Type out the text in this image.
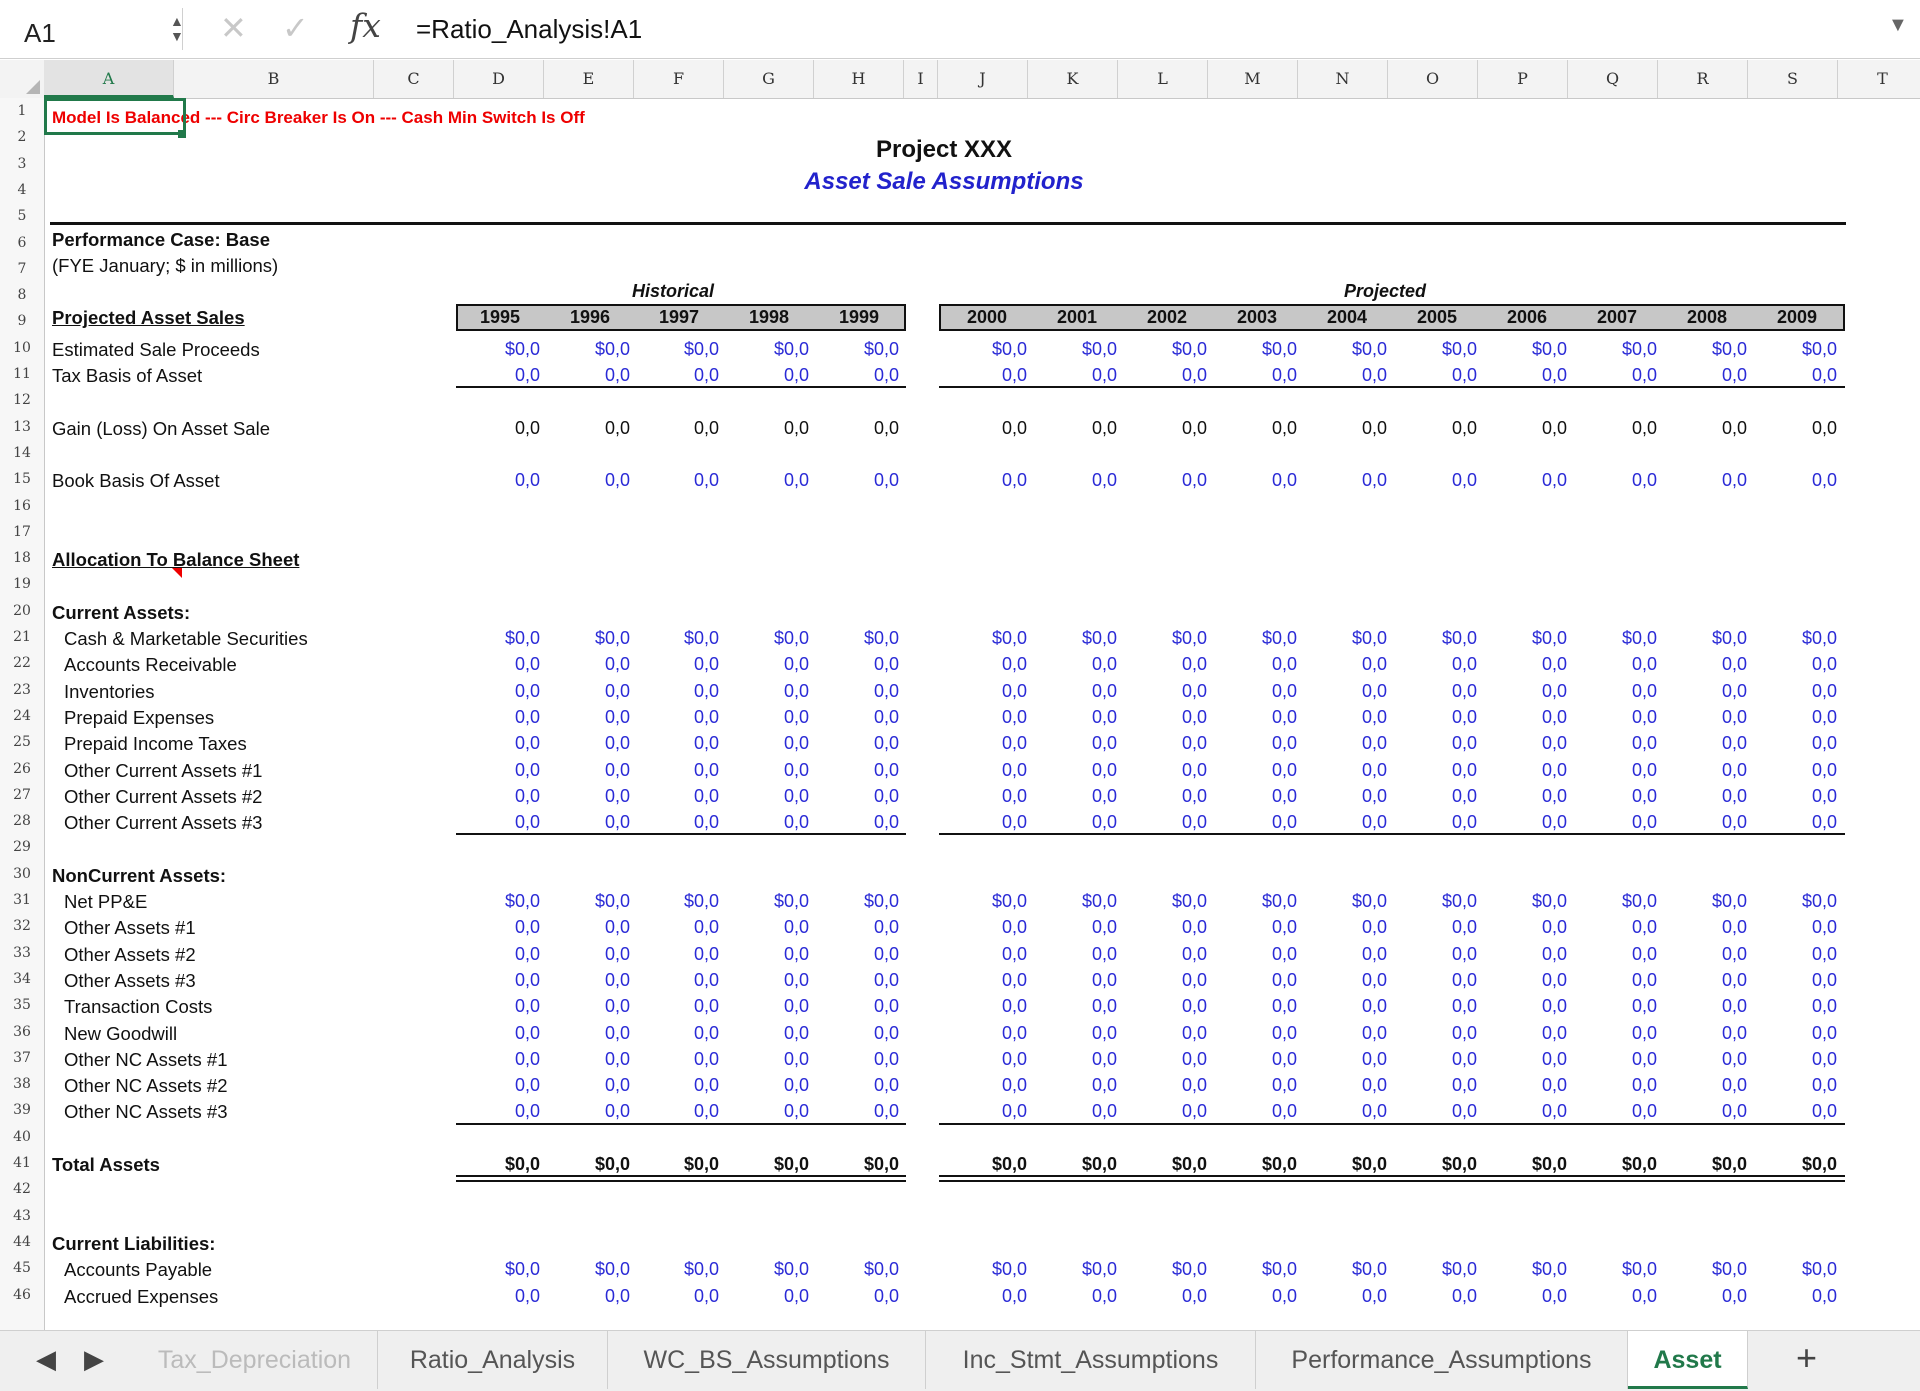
A1	▲
▼ ✕ ✓ fx =Ratio_Analysis!A1	▼
A	B	C	D	E	F	G	H	I	J	K	L	M	N	O	P	Q	R	S	T
1
2
3
4
5
6
7
8
9
10
11
12
13
14
15
16
17
18
19
20
21
22
23
24
25
26
27
28
29
30
31
32
33
34
35
36
37
38
39
40
41
42
43
44
45
46
Model Is Balanced --- Circ Breaker Is On --- Cash Min Switch Is Off
Project XXX
Asset Sale Assumptions
Performance Case: Base
(FYE January; $ in millions)
Historical	Projected
Projected Asset Sales	1995	1996	1997	1998	1999	2000	2001	2002	2003	2004	2005	2006	2007	2008	2009
Estimated Sale Proceeds	$0,0	$0,0	$0,0	$0,0	$0,0	$0,0	$0,0	$0,0	$0,0	$0,0	$0,0	$0,0	$0,0	$0,0	$0,0
Tax Basis of Asset	0,0	0,0	0,0	0,0	0,0	0,0	0,0	0,0	0,0	0,0	0,0	0,0	0,0	0,0	0,0
Gain (Loss) On Asset Sale	0,0	0,0	0,0	0,0	0,0	0,0	0,0	0,0	0,0	0,0	0,0	0,0	0,0	0,0	0,0
Book Basis Of Asset	0,0	0,0	0,0	0,0	0,0	0,0	0,0	0,0	0,0	0,0	0,0	0,0	0,0	0,0	0,0
Allocation To Balance Sheet
Current Assets:
Cash & Marketable Securities	$0,0	$0,0	$0,0	$0,0	$0,0	$0,0	$0,0	$0,0	$0,0	$0,0	$0,0	$0,0	$0,0	$0,0	$0,0
Accounts Receivable	0,0	0,0	0,0	0,0	0,0	0,0	0,0	0,0	0,0	0,0	0,0	0,0	0,0	0,0	0,0
Inventories	0,0	0,0	0,0	0,0	0,0	0,0	0,0	0,0	0,0	0,0	0,0	0,0	0,0	0,0	0,0
Prepaid Expenses	0,0	0,0	0,0	0,0	0,0	0,0	0,0	0,0	0,0	0,0	0,0	0,0	0,0	0,0	0,0
Prepaid Income Taxes	0,0	0,0	0,0	0,0	0,0	0,0	0,0	0,0	0,0	0,0	0,0	0,0	0,0	0,0	0,0
Other Current Assets #1	0,0	0,0	0,0	0,0	0,0	0,0	0,0	0,0	0,0	0,0	0,0	0,0	0,0	0,0	0,0
Other Current Assets #2	0,0	0,0	0,0	0,0	0,0	0,0	0,0	0,0	0,0	0,0	0,0	0,0	0,0	0,0	0,0
Other Current Assets #3	0,0	0,0	0,0	0,0	0,0	0,0	0,0	0,0	0,0	0,0	0,0	0,0	0,0	0,0	0,0
NonCurrent Assets:
Net PP&E	$0,0	$0,0	$0,0	$0,0	$0,0	$0,0	$0,0	$0,0	$0,0	$0,0	$0,0	$0,0	$0,0	$0,0	$0,0
Other Assets #1	0,0	0,0	0,0	0,0	0,0	0,0	0,0	0,0	0,0	0,0	0,0	0,0	0,0	0,0	0,0
Other Assets #2	0,0	0,0	0,0	0,0	0,0	0,0	0,0	0,0	0,0	0,0	0,0	0,0	0,0	0,0	0,0
Other Assets #3	0,0	0,0	0,0	0,0	0,0	0,0	0,0	0,0	0,0	0,0	0,0	0,0	0,0	0,0	0,0
Transaction Costs	0,0	0,0	0,0	0,0	0,0	0,0	0,0	0,0	0,0	0,0	0,0	0,0	0,0	0,0	0,0
New Goodwill	0,0	0,0	0,0	0,0	0,0	0,0	0,0	0,0	0,0	0,0	0,0	0,0	0,0	0,0	0,0
Other NC Assets #1	0,0	0,0	0,0	0,0	0,0	0,0	0,0	0,0	0,0	0,0	0,0	0,0	0,0	0,0	0,0
Other NC Assets #2	0,0	0,0	0,0	0,0	0,0	0,0	0,0	0,0	0,0	0,0	0,0	0,0	0,0	0,0	0,0
Other NC Assets #3	0,0	0,0	0,0	0,0	0,0	0,0	0,0	0,0	0,0	0,0	0,0	0,0	0,0	0,0	0,0
Total Assets	$0,0	$0,0	$0,0	$0,0	$0,0	$0,0	$0,0	$0,0	$0,0	$0,0	$0,0	$0,0	$0,0	$0,0	$0,0
Current Liabilities:
Accounts Payable	$0,0	$0,0	$0,0	$0,0	$0,0	$0,0	$0,0	$0,0	$0,0	$0,0	$0,0	$0,0	$0,0	$0,0	$0,0
Accrued Expenses	0,0	0,0	0,0	0,0	0,0	0,0	0,0	0,0	0,0	0,0	0,0	0,0	0,0	0,0	0,0
◀ ▶	+
Tax_Depreciation	Ratio_Analysis	WC_BS_Assumptions	Inc_Stmt_Assumptions	Performance_Assumptions	Asset
